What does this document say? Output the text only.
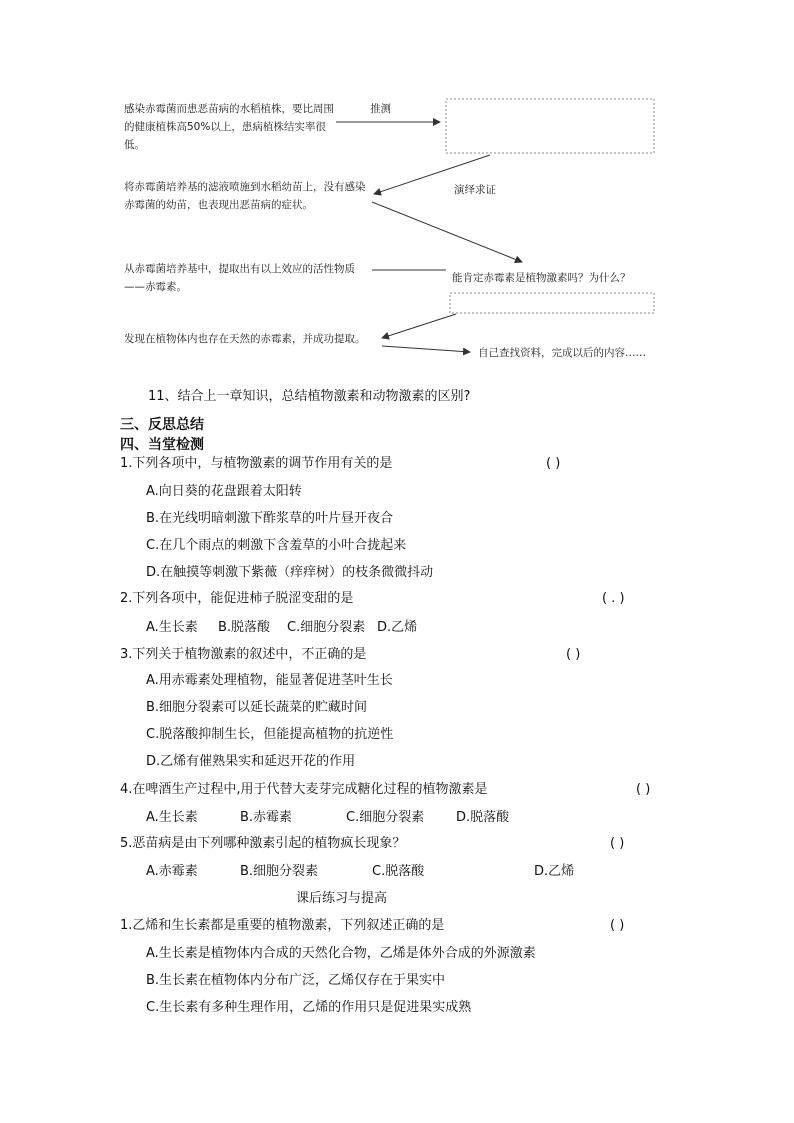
感染赤霉菌而患恶苗病的水稻植株，要比周围的健康植株高50%以上，患病植株结实率很低。
推测
将赤霉菌培养基的滤液喷施到水稻幼苗上，没有感染赤霉菌的幼苗，也表现出恶苗病的症状。
演绎求证
从赤霉菌培养基中，提取出有以上效应的活性物质——赤霉素。
能肯定赤霉素是植物激素吗？为什么？
发现在植物体内也存在天然的赤霉素，并成功提取。
自己查找资料，完成以后的内容……
11、结合上一章知识，总结植物激素和动物激素的区别?
三、反思总结
四、当堂检测
1.下列各项中，与植物激素的调节作用有关的是	( )
A.向日葵的花盘跟着太阳转
B.在光线明暗刺激下酢浆草的叶片昼开夜合
C.在几个雨点的刺激下含羞草的小叶合拢起来
D.在触摸等刺激下紫薇（痒痒树）的枝条微微抖动
2.下列各项中，能促进柿子脱涩变甜的是	( . )
A.生长素 B.脱落酸 C.细胞分裂素 D.乙烯
3.下列关于植物激素的叙述中，不正确的是	( )
A.用赤霉素处理植物，能显著促进茎叶生长
B.细胞分裂素可以延长蔬菜的贮藏时间
C.脱落酸抑制生长，但能提高植物的抗逆性
D.乙烯有催熟果实和延迟开花的作用
4.在啤酒生产过程中,用于代替大麦芽完成糖化过程的植物激素是	( )
A.生长素	B.赤霉素	C.细胞分裂素 D.脱落酸
5.恶苗病是由下列哪种激素引起的植物疯长现象？	( )
A.赤霉素	B.细胞分裂素	C.脱落酸	D.乙烯
课后练习与提高
1.乙烯和生长素都是重要的植物激素，下列叙述正确的是	( )
A.生长素是植物体内合成的天然化合物，乙烯是体外合成的外源激素
B.生长素在植物体内分布广泛，乙烯仅存在于果实中
C.生长素有多种生理作用，乙烯的作用只是促进果实成熟
